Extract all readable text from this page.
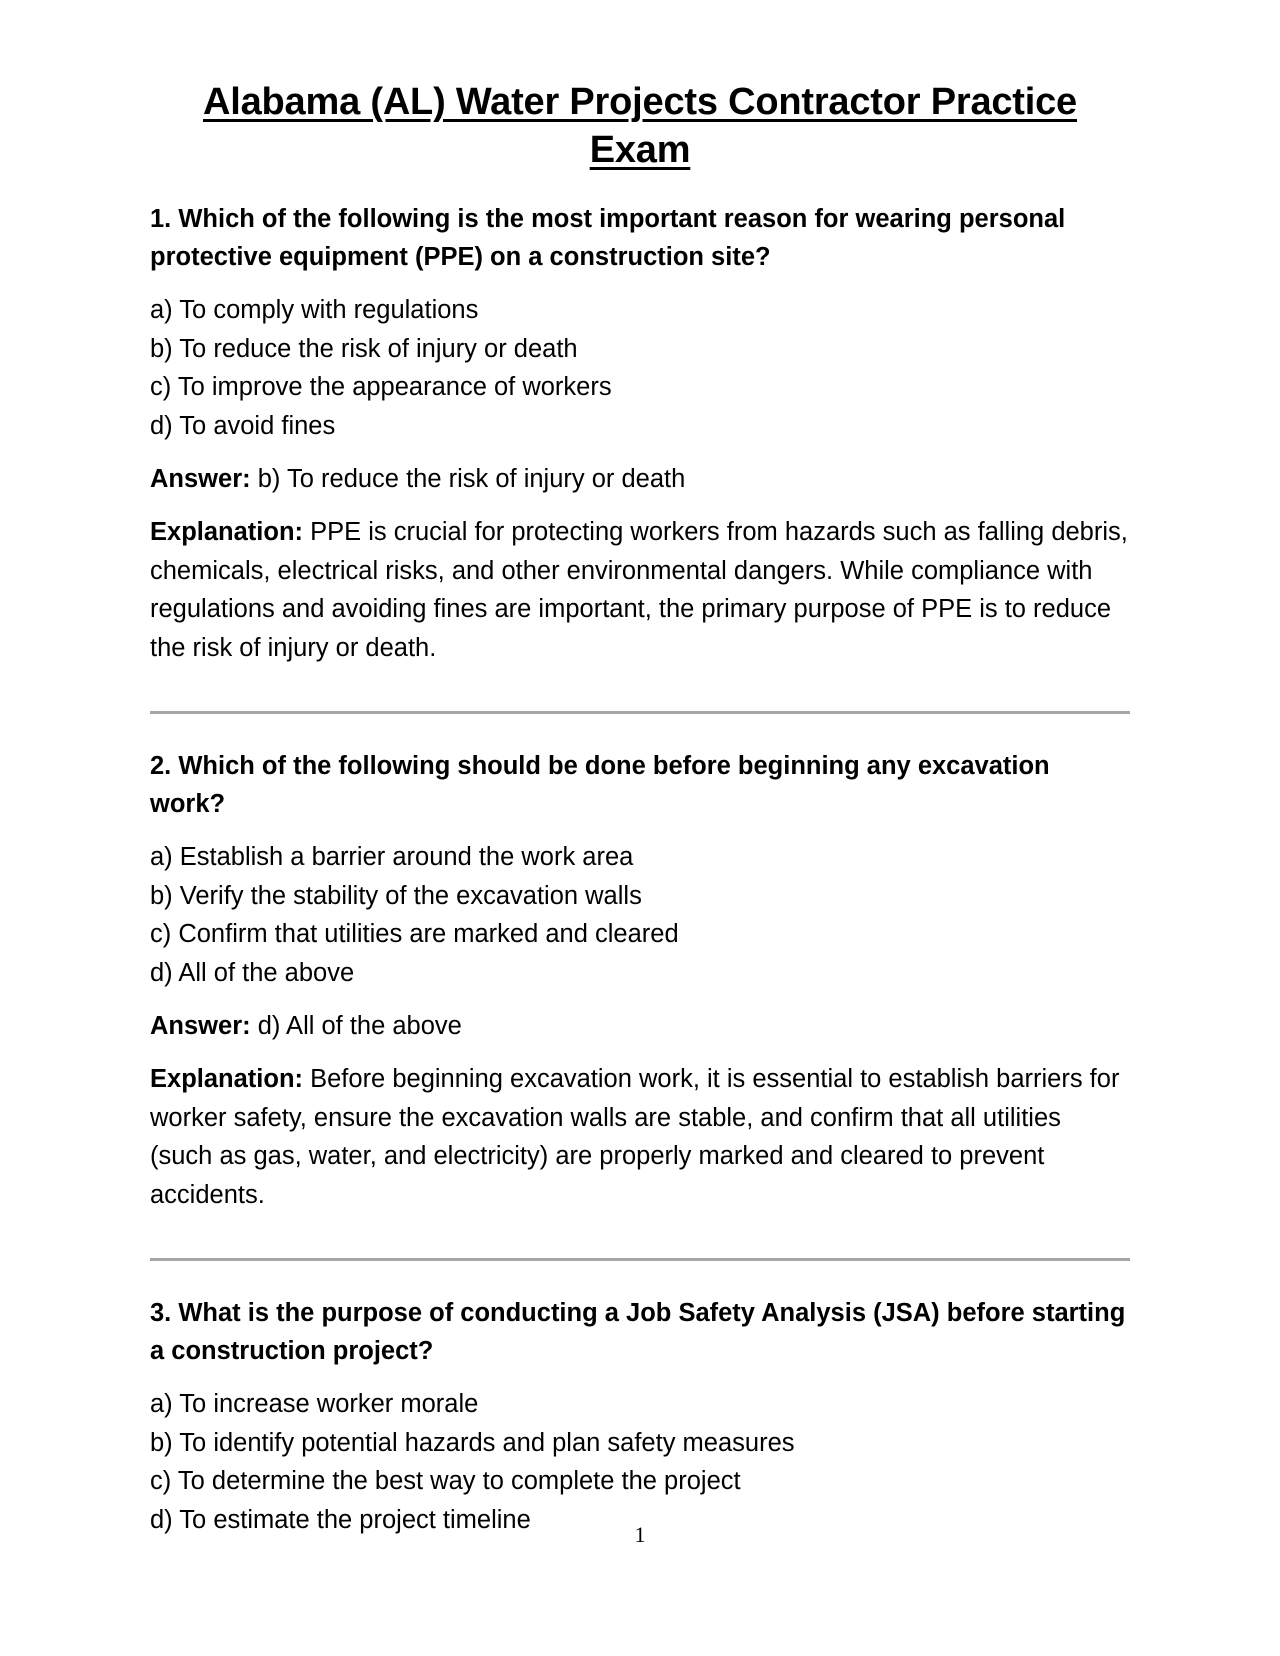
Alabama (AL) Water Projects Contractor Practice Exam

1. Which of the following is the most important reason for wearing personal protective equipment (PPE) on a construction site?

a) To comply with regulations
b) To reduce the risk of injury or death
c) To improve the appearance of workers
d) To avoid fines

Answer: b) To reduce the risk of injury or death

Explanation: PPE is crucial for protecting workers from hazards such as falling debris, chemicals, electrical risks, and other environmental dangers. While compliance with regulations and avoiding fines are important, the primary purpose of PPE is to reduce the risk of injury or death.

2. Which of the following should be done before beginning any excavation work?

a) Establish a barrier around the work area
b) Verify the stability of the excavation walls
c) Confirm that utilities are marked and cleared
d) All of the above

Answer: d) All of the above

Explanation: Before beginning excavation work, it is essential to establish barriers for worker safety, ensure the excavation walls are stable, and confirm that all utilities (such as gas, water, and electricity) are properly marked and cleared to prevent accidents.

3. What is the purpose of conducting a Job Safety Analysis (JSA) before starting a construction project?

a) To increase worker morale
b) To identify potential hazards and plan safety measures
c) To determine the best way to complete the project
d) To estimate the project timeline
1
